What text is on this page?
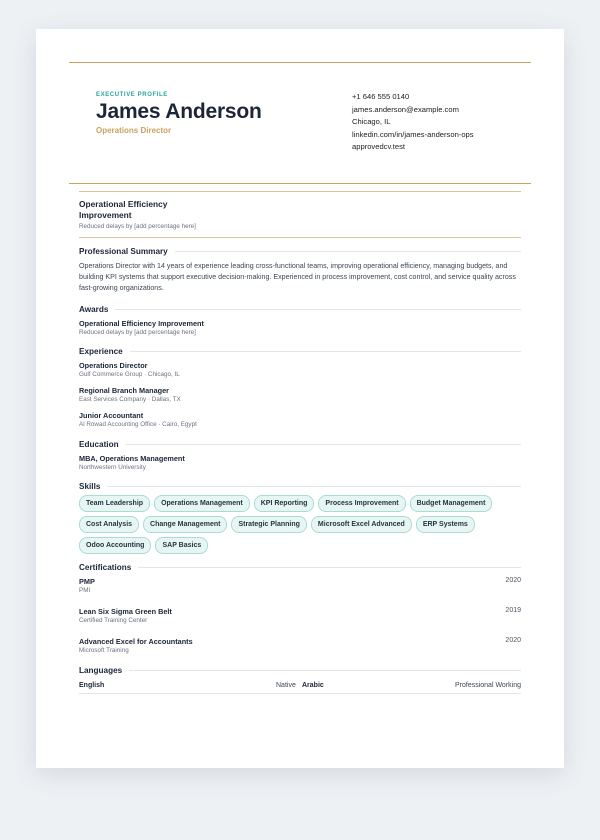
EXECUTIVE PROFILE
James Anderson
Operations Director
+1 646 555 0140
james.anderson@example.com
Chicago, IL
linkedin.com/in/james-anderson-ops
approvedcv.test
Operational Efficiency Improvement
Reduced delays by [add percentage here]
Professional Summary
Operations Director with 14 years of experience leading cross-functional teams, improving operational efficiency, managing budgets, and building KPI systems that support executive decision-making. Experienced in process improvement, cost control, and service quality across fast-growing organizations.
Awards
Operational Efficiency Improvement
Reduced delays by [add percentage here]
Experience
Operations Director
Gulf Commerce Group · Chicago, IL
Regional Branch Manager
East Services Company · Dallas, TX
Junior Accountant
Al Rowad Accounting Office · Cairo, Egypt
Education
MBA, Operations Management
Northwestern University
Skills
Team Leadership	Operations Management	KPI Reporting	Process Improvement	Budget Management
Cost Analysis	Change Management	Strategic Planning	Microsoft Excel Advanced	ERP Systems
Odoo Accounting	SAP Basics
Certifications
PMP
PMI
2020
Lean Six Sigma Green Belt
Certified Training Center
2019
Advanced Excel for Accountants
Microsoft Training
2020
Languages
English	Native Arabic	Professional Working
